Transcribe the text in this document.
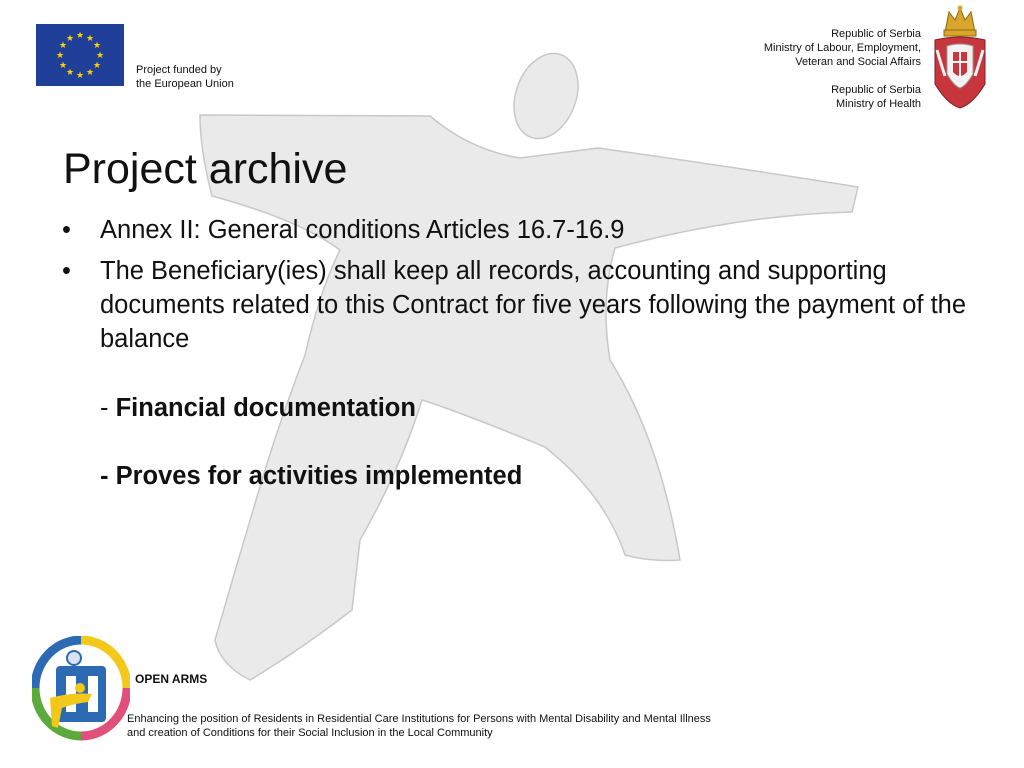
★ ★
★
★
★
★
★
★
★
★
★
★
Project funded by
the European Union
Republic of Serbia
Ministry of Labour, Employment,
Veteran and Social Affairs
Republic of Serbia
Ministry of Health
Project archive
• Annex II: General conditions Articles 16.7-16.9
• The Beneficiary(ies) shall keep all records, accounting and supporting documents related to this Contract for five years following the payment of the balance
- Financial documentation
- Proves for activities implemented
OPEN ARMS
Enhancing the position of Residents in Residential Care Institutions for Persons with Mental Disability and Mental Illness
and creation of Conditions for their Social Inclusion in the Local Community
